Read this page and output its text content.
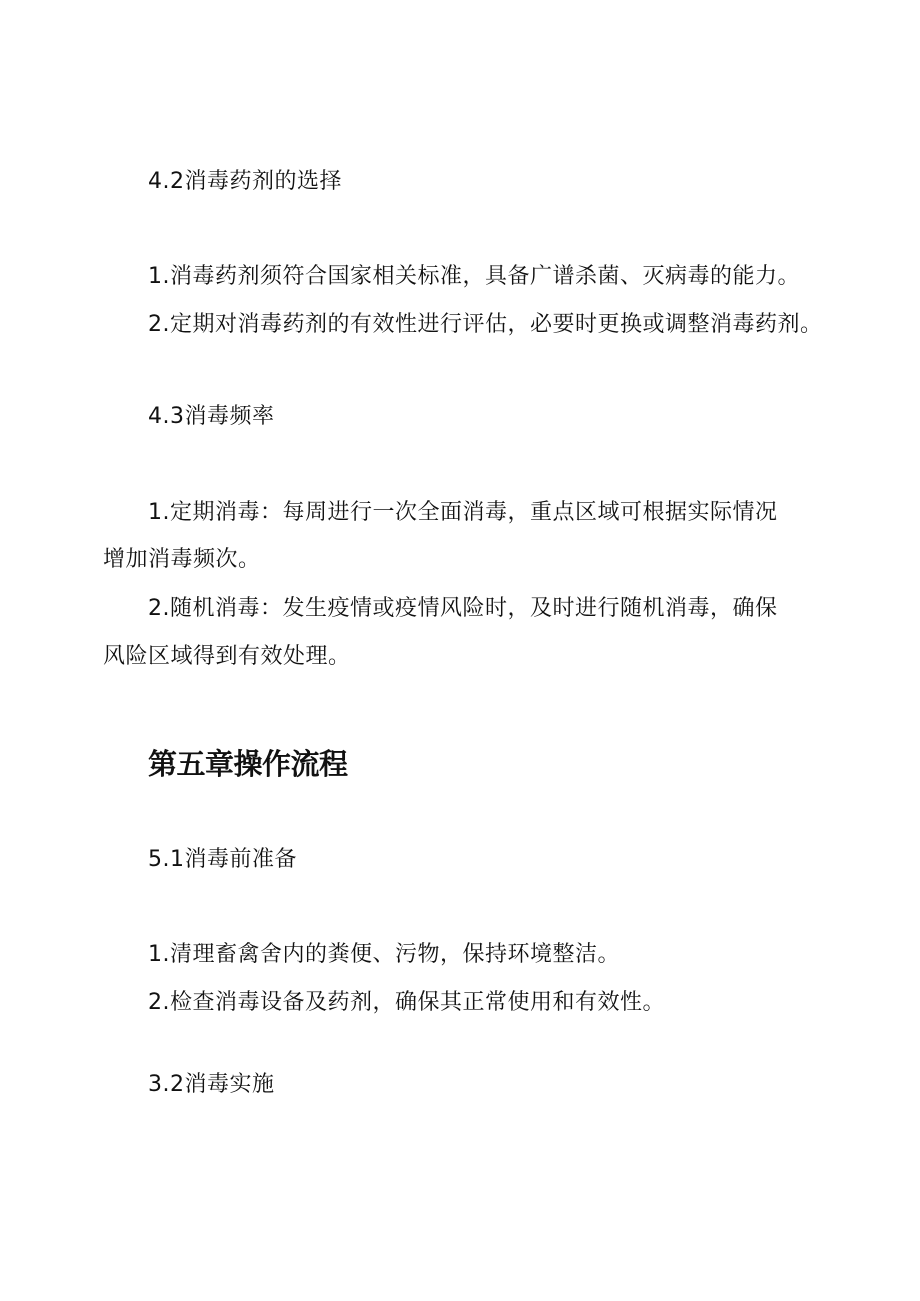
4.2消毒药剂的选择
1.消毒药剂须符合国家相关标准，具备广谱杀菌、灭病毒的能力。
2.定期对消毒药剂的有效性进行评估，必要时更换或调整消毒药剂。
4.3消毒频率
1.定期消毒：每周进行一次全面消毒，重点区域可根据实际情况
增加消毒频次。
2.随机消毒：发生疫情或疫情风险时，及时进行随机消毒，确保
风险区域得到有效处理。
第五章操作流程
5.1消毒前准备
1.清理畜禽舍内的粪便、污物，保持环境整洁。
2.检查消毒设备及药剂，确保其正常使用和有效性。
3.2消毒实施
